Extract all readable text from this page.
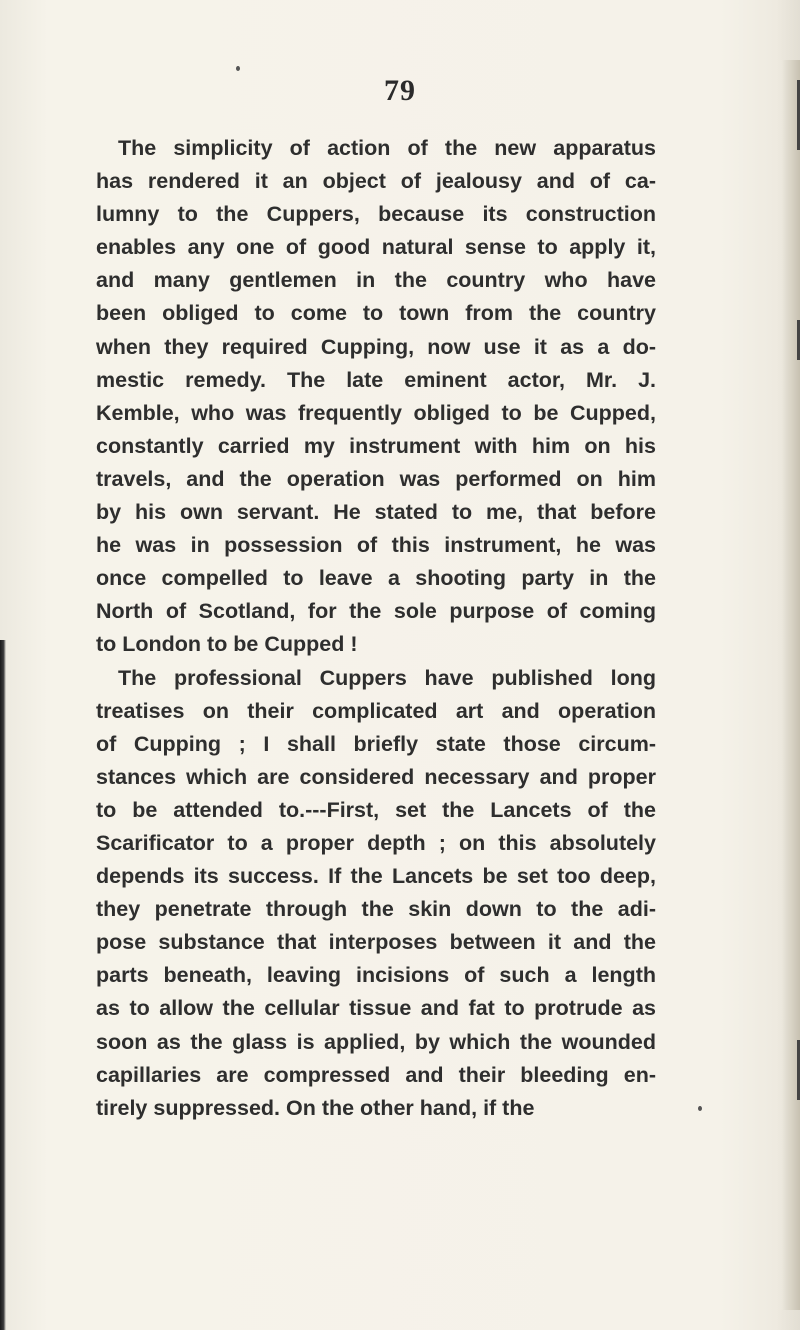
79
The simplicity of action of the new apparatus
has rendered it an object of jealousy and of ca-
lumny to the Cuppers, because its construction
enables any one of good natural sense to apply it,
and many gentlemen in the country who have
been obliged to come to town from the country
when they required Cupping, now use it as a do-
mestic remedy. The late eminent actor, Mr. J.
Kemble, who was frequently obliged to be Cupped,
constantly carried my instrument with him on his
travels, and the operation was performed on him
by his own servant. He stated to me, that before
he was in possession of this instrument, he was
once compelled to leave a shooting party in the
North of Scotland, for the sole purpose of coming
to London to be Cupped !
The professional Cuppers have published long
treatises on their complicated art and operation
of Cupping ; I shall briefly state those circum-
stances which are considered necessary and proper
to be attended to.---First, set the Lancets of the
Scarificator to a proper depth ; on this absolutely
depends its success. If the Lancets be set too deep,
they penetrate through the skin down to the adi-
pose substance that interposes between it and the
parts beneath, leaving incisions of such a length
as to allow the cellular tissue and fat to protrude as
soon as the glass is applied, by which the wounded
capillaries are compressed and their bleeding en-
tirely suppressed. On the other hand, if the
